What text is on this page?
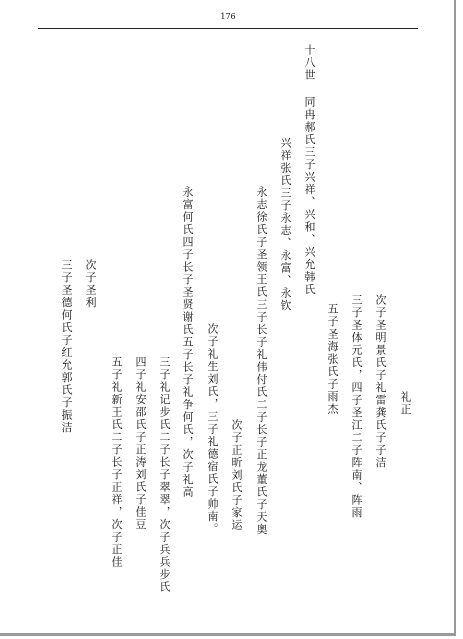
176
十八世 同冉郝氏三子兴祥、兴和、兴允韩氏
兴祥张氏三子永志、永富、永钦
永志徐氏子圣领王氏三子长子礼伟付氏二子长子正龙董氏子天奥
永富何氏四子长子圣贤谢氏五子长子礼争何氏，次子礼高
次子圣利
三子圣德何氏子红允郭氏子振洁	礼正
次子圣明景氏子礼雷龚氏子子洁
三子圣体元氏，四子圣江二子阵南、阵雨
五子圣海张氏子雨杰
次子正昕刘氏子家运
次子礼生刘氏，三子礼德宿氏子帅南。
三子礼记步氏二子长子翠翠，次子兵兵步氏
四子礼安邵氏子正涛刘氏子佳豆
五子礼新王氏二子长子正祥，次子正佳
